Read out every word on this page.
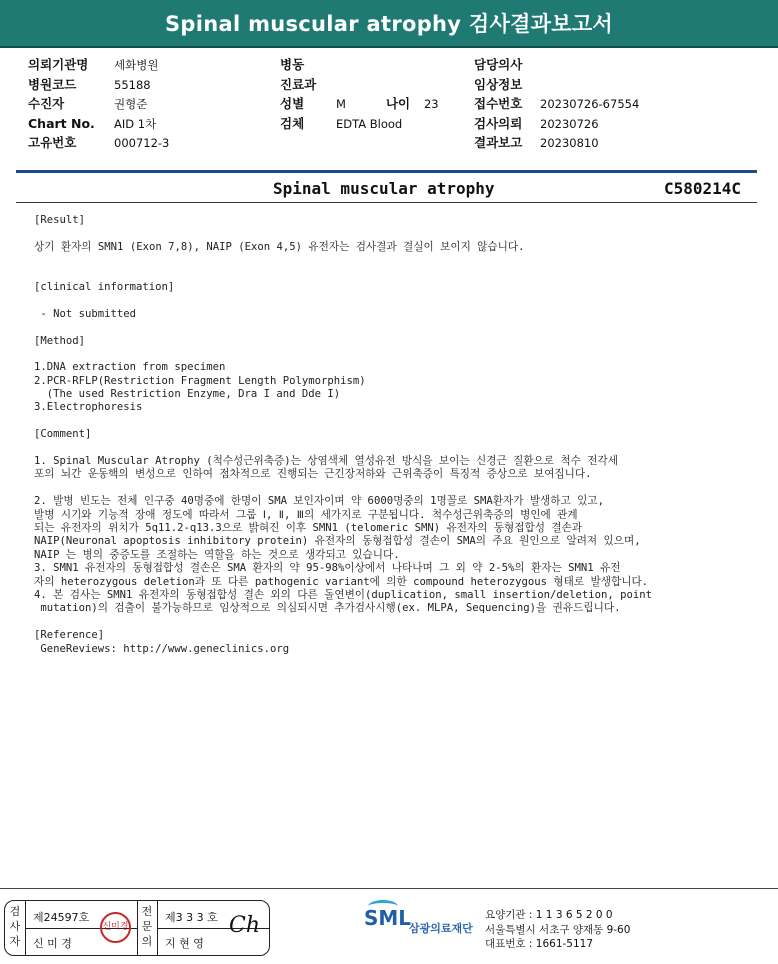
Spinal muscular atrophy 검사결과보고서
의뢰기관명 세화병원
병원코드	55188
수진자	권형준
Chart No. AID 1차
고유번호	000712-3
병동
진료과
성별	M	나이 23
검체	EDTA Blood
담당의사
임상정보
접수번호 20230726-67554
검사의뢰 20230726
결과보고 20230810
Spinal muscular atrophy	C580214C
[Result]
상기 환자의 SMN1 (Exon 7,8), NAIP (Exon 4,5) 유전자는 검사결과 결실이 보이지 않습니다.
[clinical information]
- Not submitted
[Method]
1.DNA extraction from specimen
2.PCR-RFLP(Restriction Fragment Length Polymorphism)
(The used Restriction Enzyme, Dra I and Dde I)
3.Electrophoresis
[Comment]
1. Spinal Muscular Atrophy (척수성근위축증)는 상염색체 열성유전 방식을 보이는 신경근 질환으로 척수 전각세
포의 뇌간 운동핵의 변성으로 인하여 점차적으로 진행되는 근긴장저하와 근위축증이 특징적 증상으로 보여집니다.
2. 발병 빈도는 전체 인구중 40명중에 한명이 SMA 보인자이며 약 6000명중의 1명꼴로 SMA환자가 발생하고 있고,
발병 시기와 기능적 장애 정도에 따라서 그룹 Ⅰ, Ⅱ, Ⅲ의 세가지로 구분됩니다. 척수성근위축증의 병인에 관계
되는 유전자의 위치가 5q11.2-q13.3으로 밝혀진 이후 SMN1 (telomeric SMN) 유전자의 동형접합성 결손과
NAIP(Neuronal apoptosis inhibitory protein) 유전자의 동형접합성 결손이 SMA의 주요 원인으로 알려져 있으며,
NAIP 는 병의 중증도를 조절하는 역할을 하는 것으로 생각되고 있습니다.
3. SMN1 유전자의 동형접합성 결손은 SMA 환자의 약 95-98%이상에서 나타나며 그 외 약 2-5%의 환자는 SMN1 유전
자의 heterozygous deletion과 또 다른 pathogenic variant에 의한 compound heterozygous 형태로 발생합니다.
4. 본 검사는 SMN1 유전자의 동형접합성 결손 외의 다른 돌연변이(duplication, small insertion/deletion, point
mutation)의 검출이 불가능하므로 임상적으로 의심되시면 추가검사시행(ex. MLPA, Sequencing)을 권유드립니다.
[Reference]
GeneReviews: http://www.geneclinics.org
검
사
자
제24597호
신 미 경
신미경
전
문
의
제3 3 3 호
지 현 영
Ch	SML
삼광의료재단
요양기관 : 1 1 3 6 5 2 0 0
서울특별시 서초구 양재동 9-60
대표번호 : 1661-5117
